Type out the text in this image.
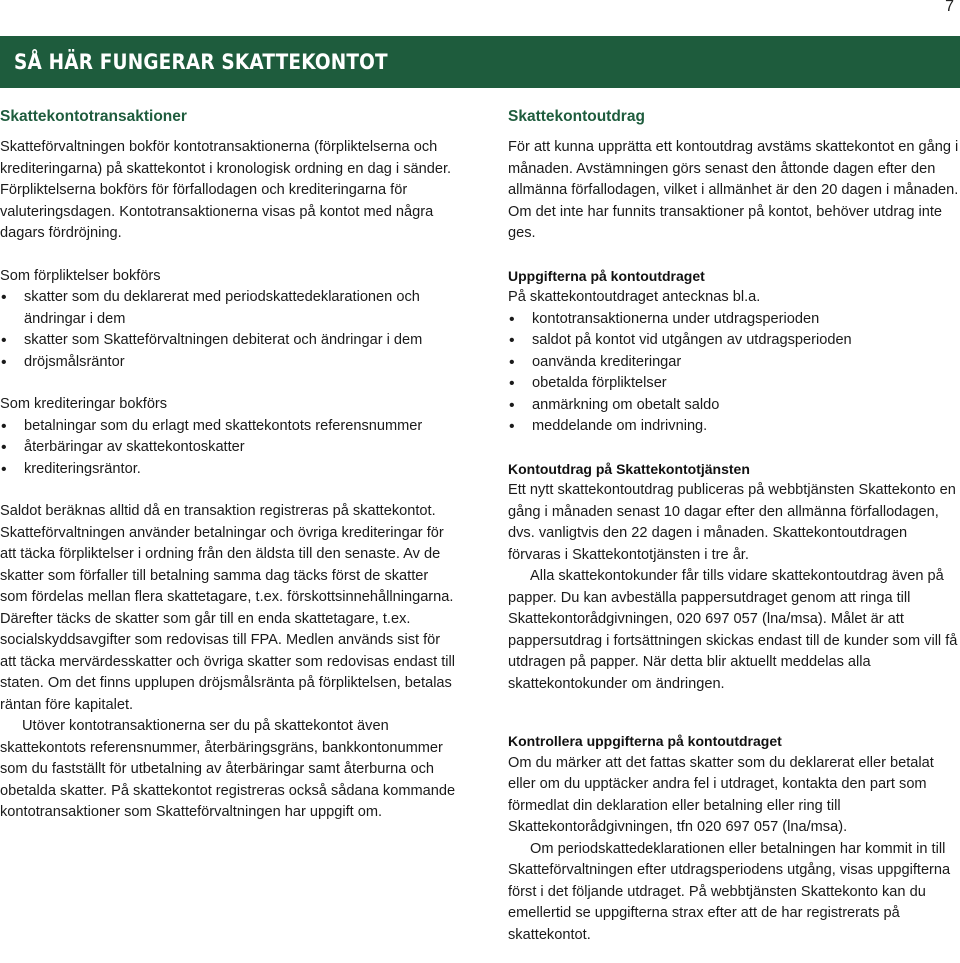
7
SÅ HÄR FUNGERAR SKATTEKONTOT
Skattekontotransaktioner

Skatteförvaltningen bokför kontotransaktionerna (förpliktelserna och krediteringarna) på skattekontot i kronologisk ordning en dag i sänder. Förpliktelserna bokförs för förfallodagen och krediteringarna för valuteringsdagen. Kontotransaktionerna visas på kontot med några dagars fördröjning.

Som förpliktelser bokförs

• skatter som du deklarerat med periodskattedeklarationen och ändringar i dem
• skatter som Skatteförvaltningen debiterat och ändringar i dem
• dröjsmålsräntor

Som krediteringar bokförs

• betalningar som du erlagt med skattekontots referensnummer
• återbäringar av skattekontoskatter
• krediteringsräntor.

Saldot beräknas alltid då en transaktion registreras på skattekontot.

Skatteförvaltningen använder betalningar och övriga krediteringar för att täcka förpliktelser i ordning från den äldsta till den senaste. Av de skatter som förfaller till betalning samma dag täcks först de skatter som fördelas mellan flera skattetagare, t.ex. förskottsinnehållningarna. Därefter täcks de skatter som går till en enda skattetagare, t.ex. socialskyddsavgifter som redovisas till FPA. Medlen används sist för att täcka mervärdesskatter och övriga skatter som redovisas endast till staten. Om det finns upplupen dröjsmålsränta på förpliktelsen, betalas räntan före kapitalet.

Utöver kontotransaktionerna ser du på skattekontot även skattekontots referensnummer, återbäringsgräns, bankkontonummer som du fastställt för utbetalning av återbäringar samt återburna och obetalda skatter. På skattekontot registreras också sådana kommande kontotransaktioner som Skatteförvaltningen har uppgift om.

Skattekontoutdrag

För att kunna upprätta ett kontoutdrag avstäms skattekontot en gång i månaden. Avstämningen görs senast den åttonde dagen efter den allmänna förfallodagen, vilket i allmänhet är den 20 dagen i månaden. Om det inte har funnits transaktioner på kontot, behöver utdrag inte ges.

Uppgifterna på kontoutdraget

På skattekontoutdraget antecknas bl.a.

• kontotransaktionerna under utdragsperioden
• saldot på kontot vid utgången av utdragsperioden
• oanvända krediteringar
• obetalda förpliktelser
• anmärkning om obetalt saldo
• meddelande om indrivning.
Kontoutdrag på Skattekontotjänsten

Ett nytt skattekontoutdrag publiceras på webbtjänsten Skattekonto en gång i månaden senast 10 dagar efter den allmänna förfallodagen, dvs. vanligtvis den 22 dagen i månaden. Skattekontoutdragen förvaras i Skattekontotjänsten i tre år.

Alla skattekontokunder får tills vidare skattekontoutdrag även på papper. Du kan avbeställa pappersutdraget genom att ringa till Skattekontorådgivningen, 020 697 057 (lna/msa). Målet är att pappersutdrag i fortsättningen skickas endast till de kunder som vill få utdragen på papper. När detta blir aktuellt meddelas alla skattekontokunder om ändringen.

Kontrollera uppgifterna på kontoutdraget

Om du märker att det fattas skatter som du deklarerat eller betalat eller om du upptäcker andra fel i utdraget, kontakta den part som förmedlat din deklaration eller betalning eller ring till Skattekontorådgivningen, tfn 020 697 057 (lna/msa).

Om periodskattedeklarationen eller betalningen har kommit in till Skatteförvaltningen efter utdragsperiodens utgång, visas uppgifterna först i det följande utdraget. På webbtjänsten Skattekonto kan du emellertid se uppgifterna strax efter att de har registrerats på skattekontot.
